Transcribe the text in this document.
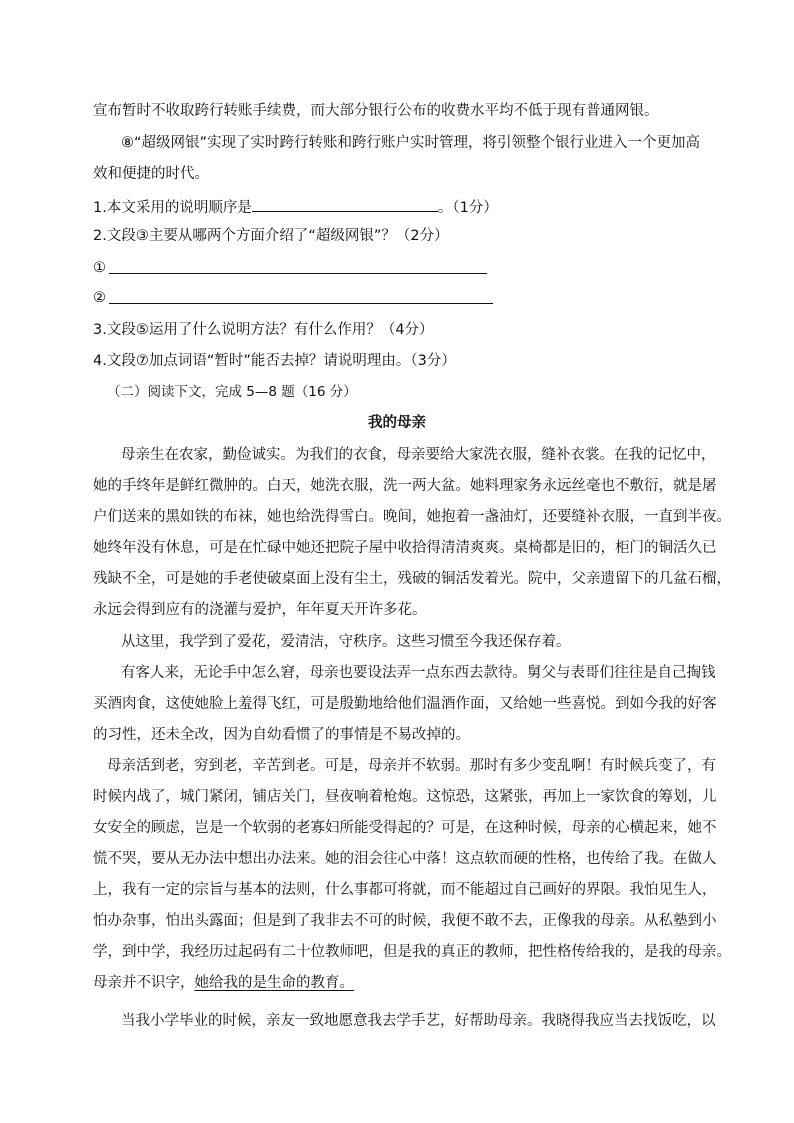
宣布暂时不收取跨行转账手续费，而大部分银行公布的收费水平均不低于现有普通网银。
⑧“超级网银”实现了实时跨行转账和跨行账户实时管理，将引领整个银行业进入一个更加高
效和便捷的时代。
1.本文采用的说明顺序是	。（1分）
2.文段③主要从哪两个方面介绍了“超级网银”？（2分）
①
②
3.文段⑤运用了什么说明方法？有什么作用？（4分）
4.文段⑦加点词语“暂时”能否去掉？请说明理由。（3分）
（二）阅读下文，完成 5—8 题（16 分）
我的母亲
母亲生在农家，勤俭诚实。为我们的衣食，母亲要给大家洗衣服，缝补衣裳。在我的记忆中，
她的手终年是鲜红微肿的。白天，她洗衣服，洗一两大盆。她料理家务永远丝毫也不敷衍，就是屠
户们送来的黑如铁的布袜，她也给洗得雪白。晚间，她抱着一盏油灯，还要缝补衣服，一直到半夜。
她终年没有休息，可是在忙碌中她还把院子屋中收拾得清清爽爽。桌椅都是旧的，柜门的铜活久已
残缺不全，可是她的手老使破桌面上没有尘土，残破的铜活发着光。院中，父亲遗留下的几盆石榴，
永远会得到应有的浇灌与爱护，年年夏天开许多花。
从这里，我学到了爱花，爱清洁，守秩序。这些习惯至今我还保存着。
有客人来，无论手中怎么窘，母亲也要设法弄一点东西去款待。舅父与表哥们往往是自己掏钱
买酒肉食，这使她脸上羞得飞红，可是殷勤地给他们温酒作面，又给她一些喜悦。到如今我的好客
的习性，还未全改，因为自幼看惯了的事情是不易改掉的。
母亲活到老，穷到老，辛苦到老。可是，母亲并不软弱。那时有多少变乱啊！有时候兵变了，有
时候内战了，城门紧闭，铺店关门，昼夜响着枪炮。这惊恐，这紧张，再加上一家饮食的筹划，儿
女安全的顾虑，岂是一个软弱的老寡妇所能受得起的？可是，在这种时候，母亲的心横起来，她不
慌不哭，要从无办法中想出办法来。她的泪会往心中落！这点软而硬的性格，也传给了我。在做人
上，我有一定的宗旨与基本的法则，什么事都可将就，而不能超过自己画好的界限。我怕见生人，
怕办杂事，怕出头露面；但是到了我非去不可的时候，我便不敢不去，正像我的母亲。从私塾到小
学，到中学，我经历过起码有二十位教师吧，但是我的真正的教师，把性格传给我的，是我的母亲。
母亲并不识字，她给我的是生命的教育。
当我小学毕业的时候，亲友一致地愿意我去学手艺，好帮助母亲。我晓得我应当去找饭吃，以
